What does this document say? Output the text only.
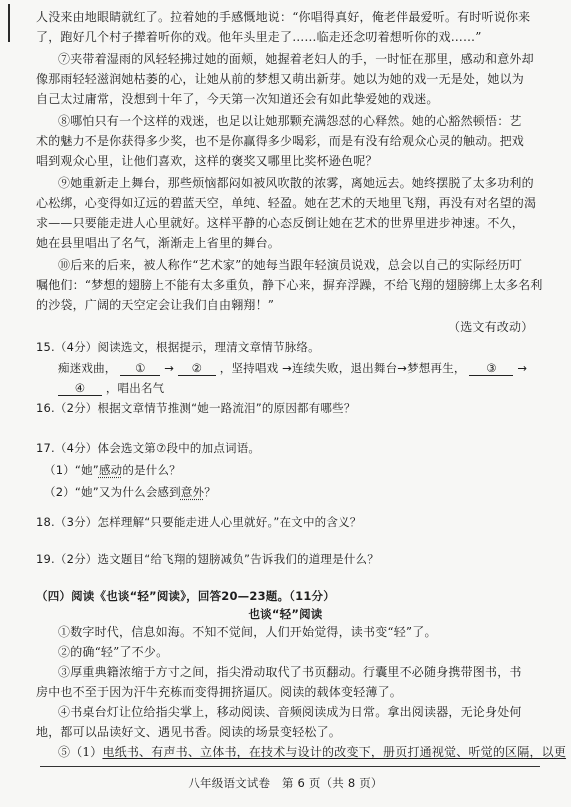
人没来由地眼睛就红了。拉着她的手感慨地说：“你唱得真好，俺老伴最爱听。有时听说你来

了，跑好几个村子撵着听你的戏。他年头里走了……临走还念叨着想听你的戏……”

⑦夹带着湿雨的风轻轻拂过她的面颊，她握着老妇人的手，一时怔在那里，感动和意外却

像那雨轻轻滋润她枯萎的心，让她从前的梦想又萌出新芽。她以为她的戏一无是处，她以为

自己太过庸常，没想到十年了，今天第一次知道还会有如此挚爱她的戏迷。

⑧哪怕只有一个这样的戏迷，也足以让她那颗充满怨怼的心释然。她的心豁然顿悟：艺

术的魅力不是你获得多少奖，也不是你赢得多少喝彩，而是有没有给观众心灵的触动。把戏

唱到观众心里，让他们喜欢，这样的褒奖又哪里比奖杯逊色呢？

⑨她重新走上舞台，那些烦恼都闷如被风吹散的浓雾，离她远去。她终摆脱了太多功利的

心松绑，心变得如辽远的碧蓝天空，单纯、轻盈。她在艺术的天地里飞翔，再没有对名望的渴

求——只要能走进人心里就好。这样平静的心态反倒让她在艺术的世界里进步神速。不久，

她在县里唱出了名气，渐渐走上省里的舞台。

⑩后来的后来，被人称作“艺术家”的她每当跟年轻演员说戏，总会以自己的实际经历叮

嘱他们：“梦想的翅膀上不能有太多重负，静下心来，摒弃浮躁，不给飞翔的翅膀绑上太多名利

的沙袋，广阔的天空定会让我们自由翱翔！”

（选文有改动）

15.（4分）阅读选文，根据提示，理清文章情节脉络。

痴迷戏曲， ① → ② ，坚持唱戏 →连续失败，退出舞台→梦想再生， ③ →

④ ，唱出名气

16.（2分）根据文章情节推测“她一路流泪”的原因都有哪些？

17.（4分）体会选文第⑦段中的加点词语。

（1）“她”感动的是什么？

（2）“她”又为什么会感到意外？

18.（3分）怎样理解“只要能走进人心里就好。”在文中的含义？

19.（2分）选文题目“给飞翔的翅膀减负”告诉我们的道理是什么？

（四）阅读《也谈“轻”阅读》，回答20—23题。（11分）

也谈“轻”阅读

①数字时代，信息如海。不知不觉间，人们开始觉得，读书变“轻”了。

②的确“轻”了不少。

③厚重典籍浓缩于方寸之间，指尖滑动取代了书页翻动。行囊里不必随身携带图书，书

房中也不至于因为汗牛充栋而变得拥挤逼仄。阅读的载体变轻薄了。

④书桌台灯让位给指尖掌上，移动阅读、音频阅读成为日常。拿出阅读器，无论身处何

地，都可以品读好文、遇见书香。阅读的场景变轻松了。

⑤（1）电纸书、有声书、立体书，在技术与设计的改变下，册页打通视觉、听觉的区隔，以更

八年级语文试卷　第 6 页（共 8 页）
